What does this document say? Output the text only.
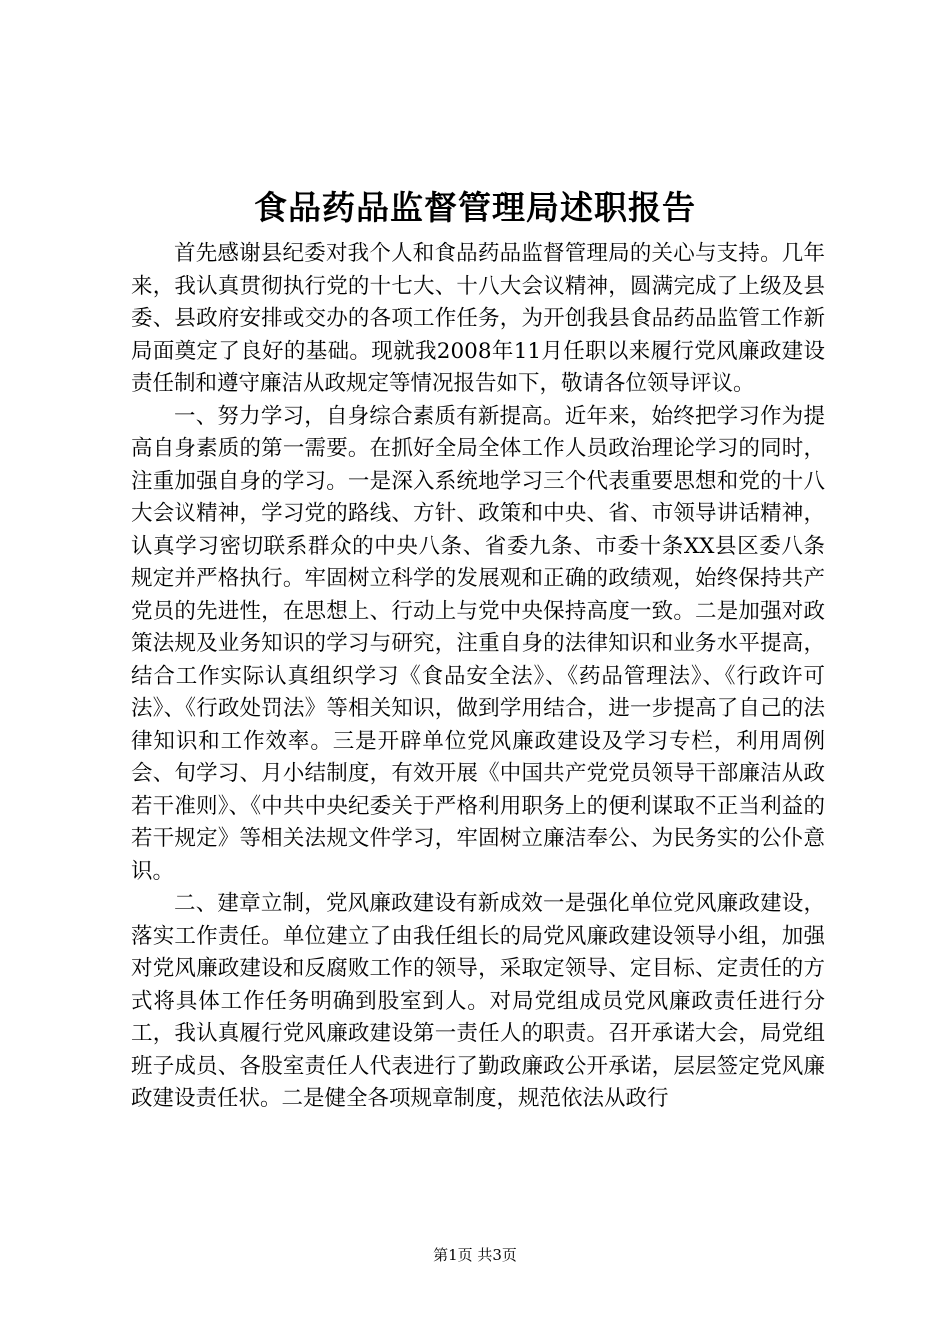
食品药品监督管理局述职报告

首先感谢县纪委对我个人和食品药品监督管理局的关心与支持。几年来，我认真贯彻执行党的十七大、十八大会议精神，圆满完成了上级及县委、县政府安排或交办的各项工作任务，为开创我县食品药品监管工作新局面奠定了良好的基础。现就我2008年11月任职以来履行党风廉政建设责任制和遵守廉洁从政规定等情况报告如下，敬请各位领导评议。

一、努力学习，自身综合素质有新提高。近年来，始终把学习作为提高自身素质的第一需要。在抓好全局全体工作人员政治理论学习的同时，注重加强自身的学习。一是深入系统地学习三个代表重要思想和党的十八大会议精神，学习党的路线、方针、政策和中央、省、市领导讲话精神，认真学习密切联系群众的中央八条、省委九条、市委十条XX县区委八条规定并严格执行。牢固树立科学的发展观和正确的政绩观，始终保持共产党员的先进性，在思想上、行动上与党中央保持高度一致。二是加强对政策法规及业务知识的学习与研究，注重自身的法律知识和业务水平提高，结合工作实际认真组织学习《食品安全法》、《药品管理法》、《行政许可法》、《行政处罚法》等相关知识，做到学用结合，进一步提高了自己的法律知识和工作效率。三是开辟单位党风廉政建设及学习专栏，利用周例会、旬学习、月小结制度，有效开展《中国共产党党员领导干部廉洁从政若干准则》、《中共中央纪委关于严格利用职务上的便利谋取不正当利益的若干规定》等相关法规文件学习，牢固树立廉洁奉公、为民务实的公仆意识。

二、建章立制，党风廉政建设有新成效一是强化单位党风廉政建设，落实工作责任。单位建立了由我任组长的局党风廉政建设领导小组，加强对党风廉政建设和反腐败工作的领导，采取定领导、定目标、定责任的方式将具体工作任务明确到股室到人。对局党组成员党风廉政责任进行分工，我认真履行党风廉政建设第一责任人的职责。召开承诺大会，局党组班子成员、各股室责任人代表进行了勤政廉政公开承诺，层层签定党风廉政建设责任状。二是健全各项规章制度，规范依法从政行

第1页 共3页
